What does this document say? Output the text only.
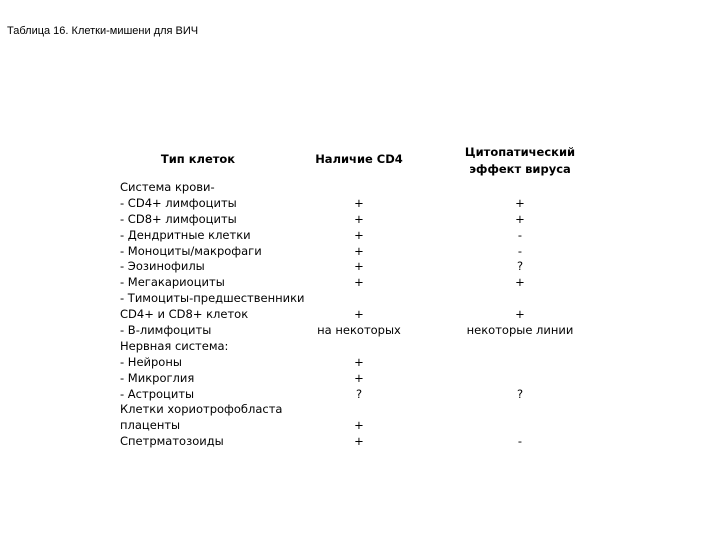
Таблица 16. Клетки-мишени для ВИЧ
Тип клеток	Наличие CD4	Цитопатический
эффект вируса
Система крови-
- CD4+ лимфоциты	+	+
- CD8+ лимфоциты	+	+
- Дендритные клетки	+	-
- Моноциты/макрофаги	+	-
- Эозинофилы	+	?
- Мегакариоциты	+	+
- Тимоциты-предшественники
CD4+ и CD8+ клеток	+	+
- В-лимфоциты	на некоторых	некоторые линии
Нервная система:
- Нейроны	+
- Микроглия	+
- Астроциты	?	?
Клетки хориотрофобласта
плаценты	+
Спетрматозоиды	+	-
